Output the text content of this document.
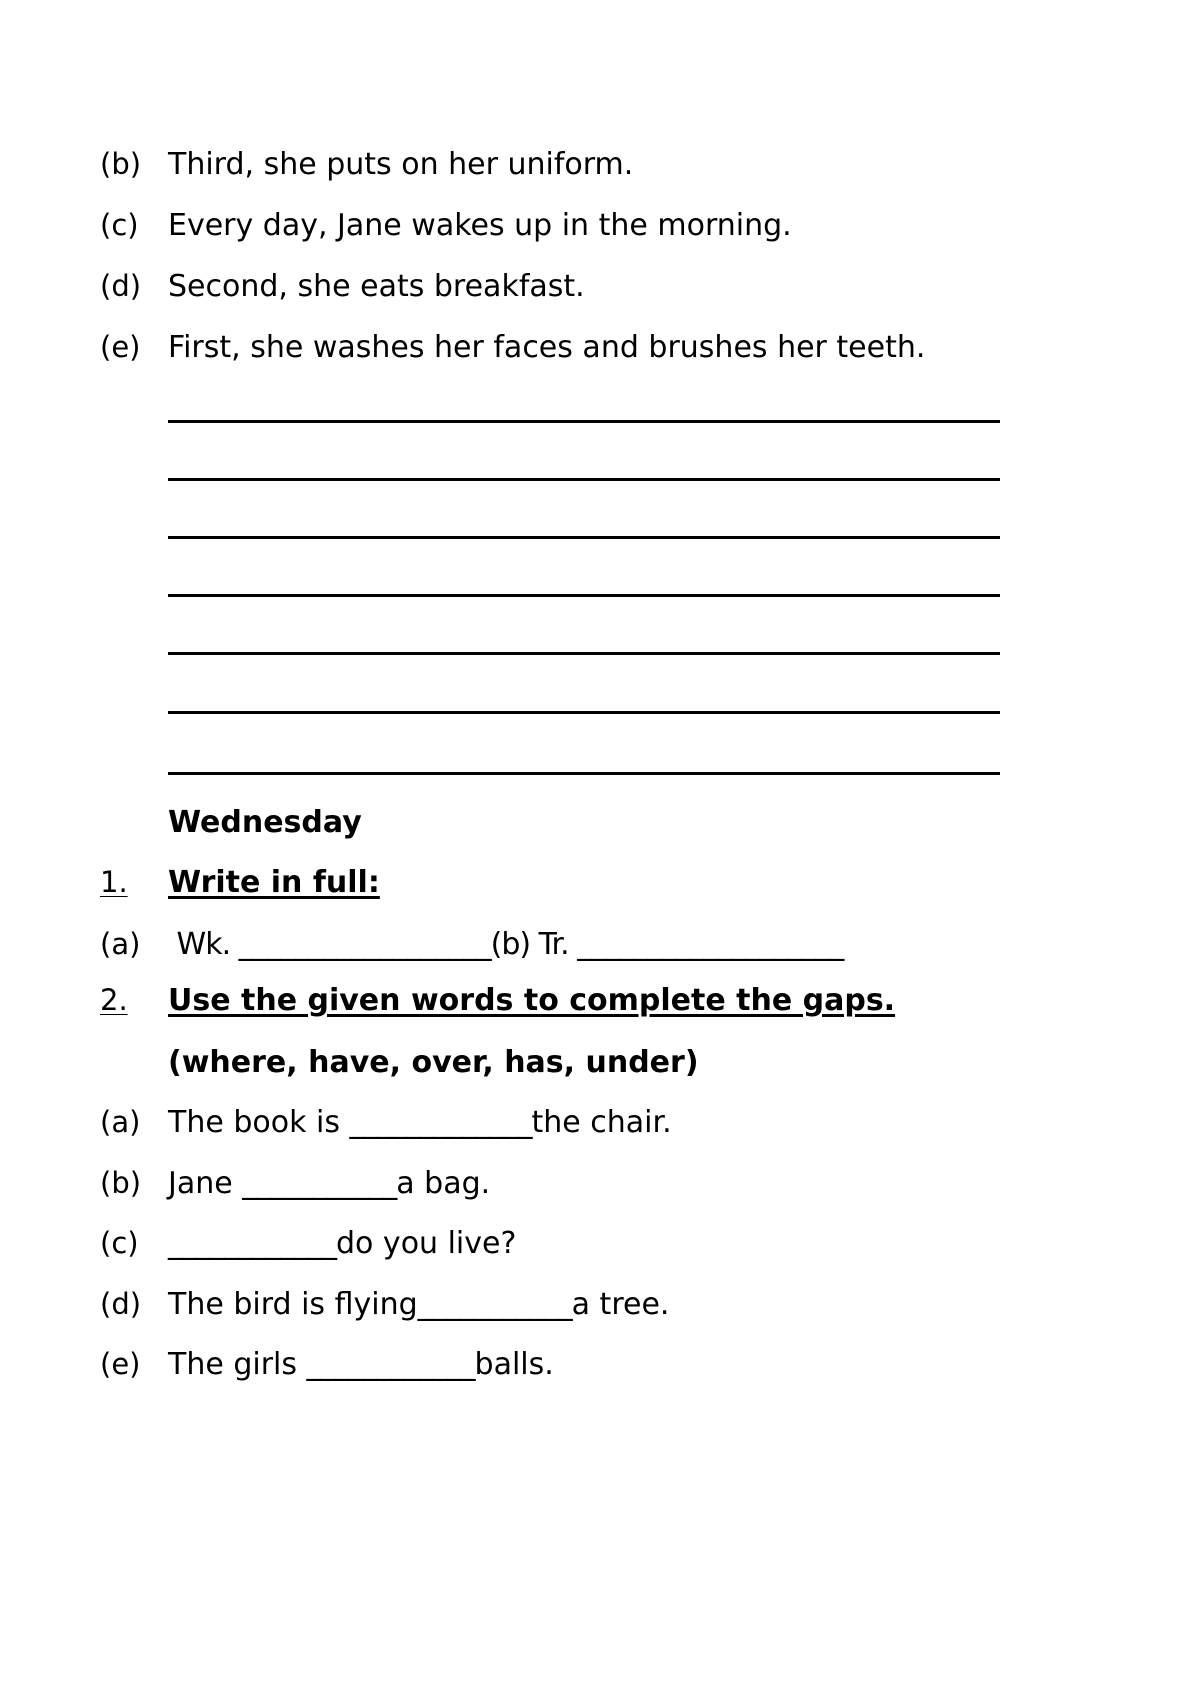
(b) Third, she puts on her uniform.
(c) Every day, Jane wakes up in the morning.
(d) Second, she eats breakfast.
(e) First, she washes her faces and brushes her teeth.
Wednesday
1.	Write in full:
(a) Wk. __________________(b) Tr. ___________________
2.	Use the given words to complete the gaps.
(where, have, over, has, under)
(a) The book is _____________the chair.
(b) Jane ___________a bag.
(c) ____________do you live?
(d) The bird is flying___________a tree.
(e) The girls ____________balls.
